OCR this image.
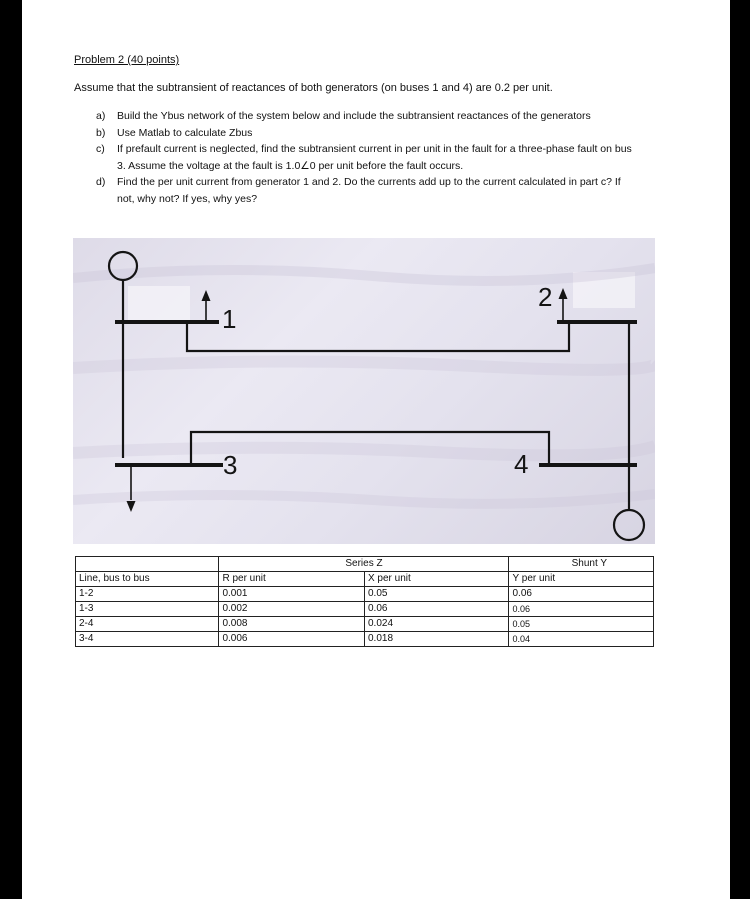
Problem 2 (40 points)
Assume that the subtransient of reactances of both generators (on buses 1 and 4) are 0.2 per unit.
a) Build the Ybus network of the system below and include the subtransient reactances of the generators
b) Use Matlab to calculate Zbus
c) If prefault current is neglected, find the subtransient current in per unit in the fault for a three-phase fault on bus 3. Assume the voltage at the fault is 1.0∠0 per unit before the fault occurs.
d) Find the per unit current from generator 1 and 2. Do the currents add up to the current calculated in part c? If not, why not? If yes, why yes?
1
2
3	4
	Series Z		Shunt Y
Line, bus to bus	R per unit	X per unit	Y per unit
1-2	0.001	0.05	0.06
1-3	0.002	0.06	0.06
2-4	0.008	0.024	0.05
3-4	0.006	0.018	0.04
